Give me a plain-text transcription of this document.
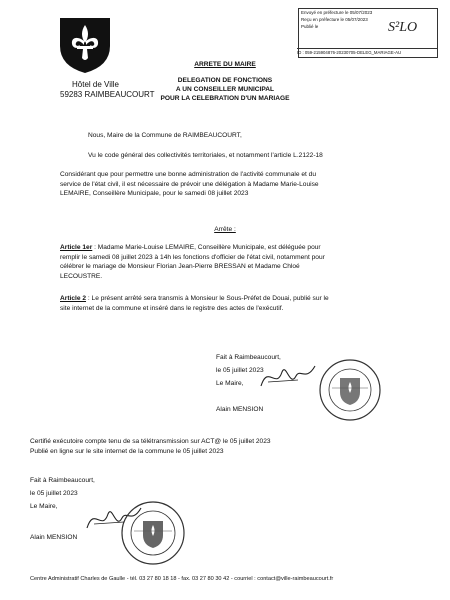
Hôtel de Ville
59283 RAIMBEAUCOURT
Envoyé en préfecture le 05/07/2023
Reçu en préfecture le 05/07/2023
Publié le	S²LO
ID : 059-215904876-20230705-DELEG_MARIAGE-AU
ARRETE DU MAIRE
DELEGATION DE FONCTIONS
A UN CONSEILLER MUNICIPAL
POUR LA CELEBRATION D'UN MARIAGE
Nous, Maire de la Commune de RAIMBEAUCOURT,
Vu le code général des collectivités territoriales, et notamment l'article L.2122-18
Considérant que pour permettre une bonne administration de l'activité communale et du
service de l'état civil, il est nécessaire de prévoir une délégation à Madame Marie-Louise
LEMAIRE, Conseillère Municipale, pour le samedi 08 juillet 2023
Arrête :
Article 1er : Madame Marie-Louise LEMAIRE, Conseillère Municipale, est déléguée pour
remplir le samedi 08 juillet 2023 à 14h les fonctions d'officier de l'état civil, notamment pour
célébrer le mariage de Monsieur Florian Jean-Pierre BRESSAN et Madame Chloé
LECOUSTRE.
Article 2 : Le présent arrêté sera transmis à Monsieur le Sous-Préfet de Douai, publié sur le
site internet de la commune et inséré dans le registre des actes de l'exécutif.
Fait à Raimbeaucourt,
le 05 juillet 2023
Le Maire,
Alain MENSION
Certifié exécutoire compte tenu de sa télétransmission sur ACT@ le 05 juillet 2023
Publié en ligne sur le site internet de la commune le 05 juillet 2023
Fait à Raimbeaucourt,
le 05 juillet 2023
Le Maire,
Alain MENSION
Centre Administratif Charles de Gaulle - tél. 03 27 80 18 18 - fax. 03 27 80 30 42 - courriel : contact@ville-raimbeaucourt.fr
